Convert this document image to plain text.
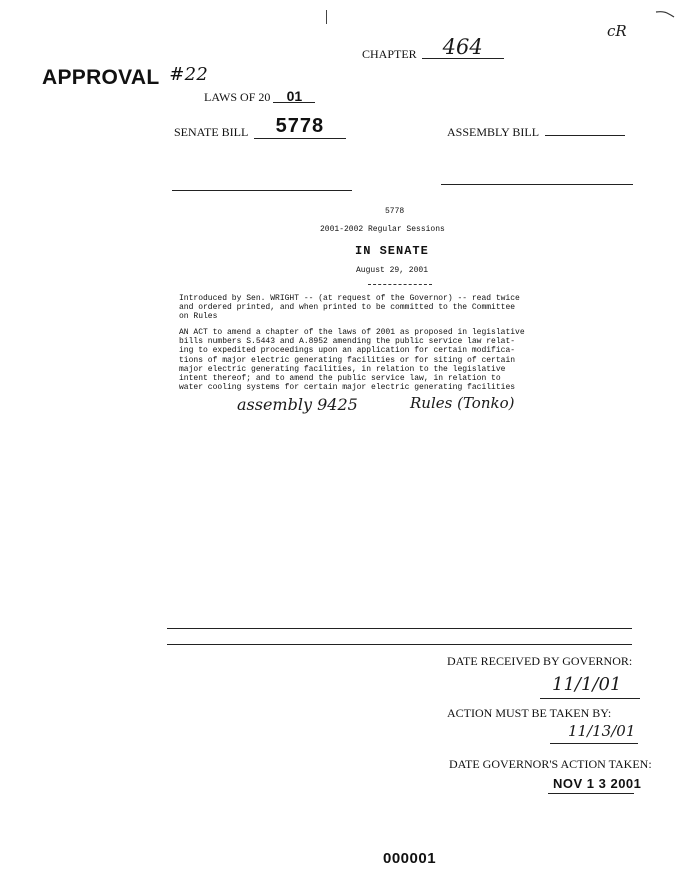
CHAPTER 464
cR
APPROVAL #22
LAWS OF 20 01
SENATE BILL 5778	ASSEMBLY BILL
5778
2001-2002 Regular Sessions
IN SENATE
August 29, 2001
Introduced by Sen. WRIGHT -- (at request of the Governor) -- read twice
and ordered printed, and when printed to be committed to the Committee
on Rules
AN ACT to amend a chapter of the laws of 2001 as proposed in legislative
bills numbers S.5443 and A.8952 amending the public service law relat-
ing to expedited proceedings upon an application for certain modifica-
tions of major electric generating facilities or for siting of certain
major electric generating facilities, in relation to the legislative
intent thereof; and to amend the public service law, in relation to
water cooling systems for certain major electric generating facilities
assembly 9425	Rules (Tonko)
DATE RECEIVED BY GOVERNOR:
11/1/01
ACTION MUST BE TAKEN BY:
11/13/01
DATE GOVERNOR'S ACTION TAKEN:
NOV 1 3 2001
000001
